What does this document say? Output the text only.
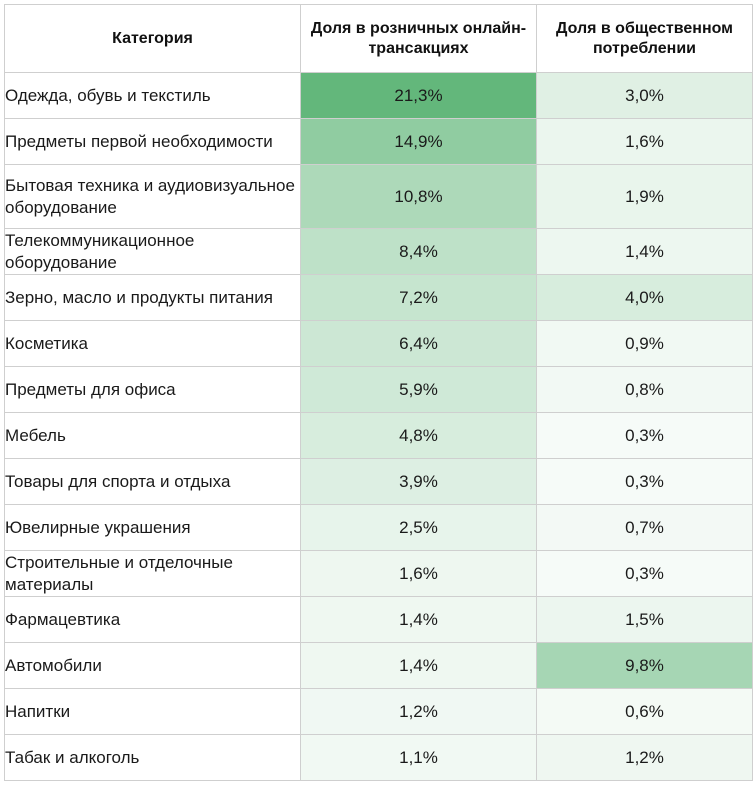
Категория	Доля в розничных онлайн-трансакциях	Доля в общественном потреблении
Одежда, обувь и текстиль	21,3%	3,0%
Предметы первой необходимости	14,9%	1,6%
Бытовая техника и аудиовизуальное оборудование	10,8%	1,9%
Телекоммуникационное оборудование	8,4%	1,4%
Зерно, масло и продукты питания	7,2%	4,0%
Косметика	6,4%	0,9%
Предметы для офиса	5,9%	0,8%
Мебель	4,8%	0,3%
Товары для спорта и отдыха	3,9%	0,3%
Ювелирные украшения	2,5%	0,7%
Строительные и отделочные материалы	1,6%	0,3%
Фармацевтика	1,4%	1,5%
Автомобили	1,4%	9,8%
Напитки	1,2%	0,6%
Табак и алкоголь	1,1%	1,2%
